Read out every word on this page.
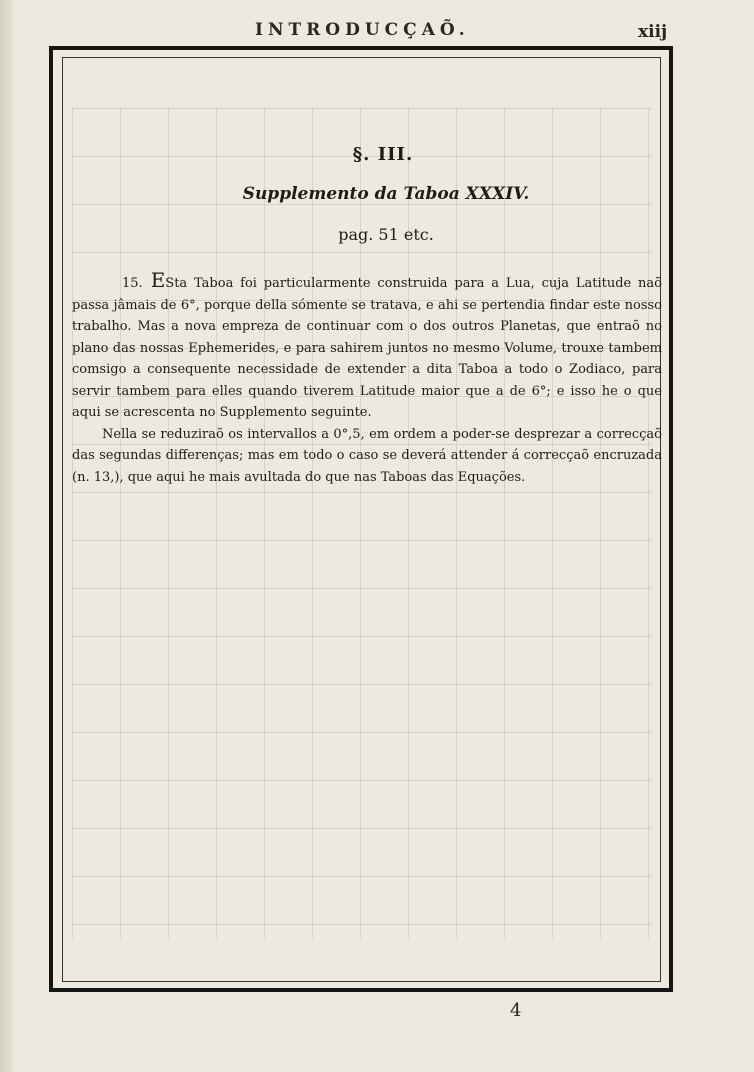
INTRODUCÇAÕ.	xiij
§. III.
Supplemento da Taboa XXXIV.
pag. 51 etc.

15. ESta Taboa foi particularmente construida para a Lua, cuja Latitude naõ passa jâmais de 6°, porque della sómente se tratava, e ahi se pertendia findar este nosso trabalho. Mas a nova empreza de continuar com o dos outros Planetas, que entraõ no plano das nossas Ephemerides, e para sahirem juntos no mesmo Volume, trouxe tambem comsigo a consequente necessidade de extender a dita Taboa a todo o Zodiaco, para servir tambem para elles quando tiverem Latitude maior que a de 6°; e isso he o que aqui se acrescenta no Supplemento seguinte.

Nella se reduziraõ os intervallos a 0°,5, em ordem a poder-se desprezar a correcçaõ das segundas differenças; mas em todo o caso se deverá attender á correcçaõ encruzada (n. 13,), que aqui he mais avultada do que nas Taboas das Equações.

4
